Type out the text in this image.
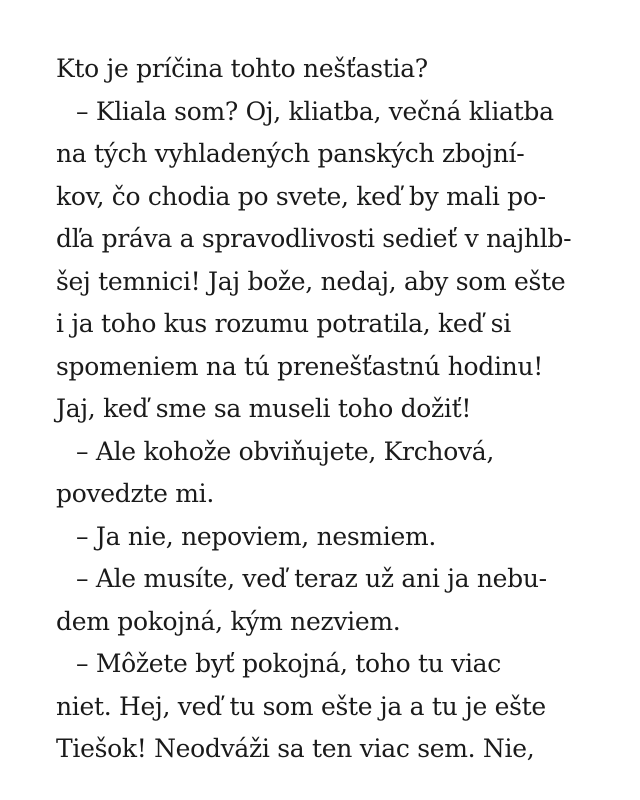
Kto je príčina tohto nešťastia?
– Kliala som? Oj, kliatba, večná kliatba
na tých vyhladených panských zbojní-
kov, čo chodia po svete, keď by mali po-
dľa práva a spravodlivosti sedieť v najhlb-
šej temnici! Jaj bože, nedaj, aby som ešte
i ja toho kus rozumu potratila, keď si
spomeniem na tú prenešťastnú hodinu!
Jaj, keď sme sa museli toho dožiť!
– Ale kohože obviňujete, Krchová,
povedzte mi.
– Ja nie, nepoviem, nesmiem.
– Ale musíte, veď teraz už ani ja nebu-
dem pokojná, kým nezviem.
– Môžete byť pokojná, toho tu viac
niet. Hej, veď tu som ešte ja a tu je ešte
Tiešok! Neodváži sa ten viac sem. Nie,
